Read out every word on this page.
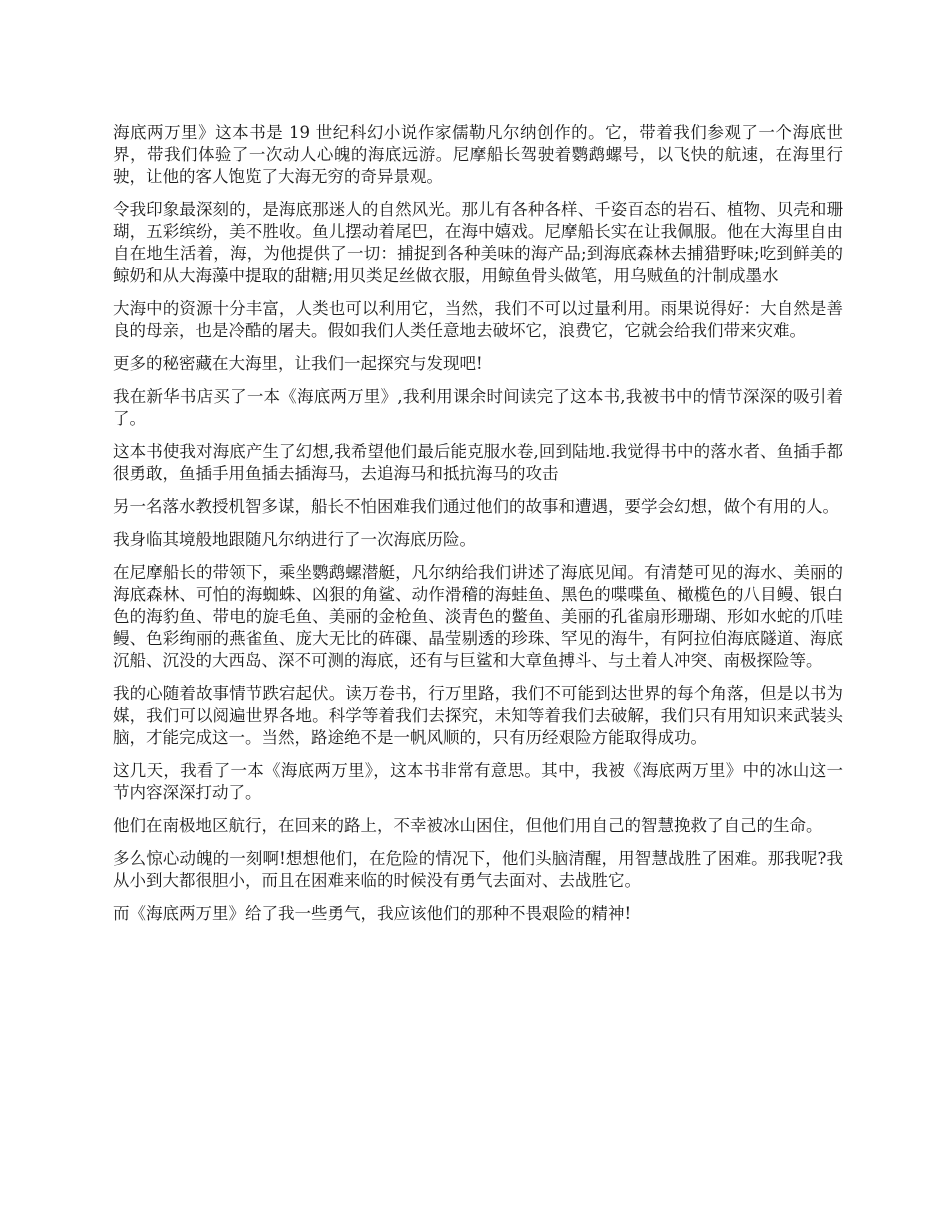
海底两万里》这本书是 19 世纪科幻小说作家儒勒凡尔纳创作的。它，带着我们参观了一个海底世界，带我们体验了一次动人心魄的海底远游。尼摩船长驾驶着鹦鹉螺号，以飞快的航速，在海里行驶，让他的客人饱览了大海无穷的奇异景观。

令我印象最深刻的，是海底那迷人的自然风光。那儿有各种各样、千姿百态的岩石、植物、贝壳和珊瑚，五彩缤纷，美不胜收。鱼儿摆动着尾巴，在海中嬉戏。尼摩船长实在让我佩服。他在大海里自由自在地生活着，海，为他提供了一切：捕捉到各种美味的海产品;到海底森林去捕猎野味;吃到鲜美的鲸奶和从大海藻中提取的甜糖;用贝类足丝做衣服，用鲸鱼骨头做笔，用乌贼鱼的汁制成墨水

大海中的资源十分丰富，人类也可以利用它，当然，我们不可以过量利用。雨果说得好：大自然是善良的母亲，也是冷酷的屠夫。假如我们人类任意地去破坏它，浪费它，它就会给我们带来灾难。

更多的秘密藏在大海里，让我们一起探究与发现吧!

我在新华书店买了一本《海底两万里》,我利用课余时间读完了这本书,我被书中的情节深深的吸引着了。

这本书使我对海底产生了幻想,我希望他们最后能克服水卷,回到陆地.我觉得书中的落水者、鱼插手都很勇敢，鱼插手用鱼插去插海马，去追海马和抵抗海马的攻击

另一名落水教授机智多谋，船长不怕困难我们通过他们的故事和遭遇，要学会幻想，做个有用的人。

我身临其境般地跟随凡尔纳进行了一次海底历险。

在尼摩船长的带领下，乘坐鹦鹉螺潜艇，凡尔纳给我们讲述了海底见闻。有清楚可见的海水、美丽的海底森林、可怕的海蜘蛛、凶狠的角鲨、动作滑稽的海蛙鱼、黑色的喋喋鱼、橄榄色的八目鳗、银白色的海豹鱼、带电的旋毛鱼、美丽的金枪鱼、淡青色的鳖鱼、美丽的孔雀扇形珊瑚、形如水蛇的爪哇鳗、色彩绚丽的燕雀鱼、庞大无比的砗磲、晶莹剔透的珍珠、罕见的海牛，有阿拉伯海底隧道、海底沉船、沉没的大西岛、深不可测的海底，还有与巨鲨和大章鱼搏斗、与土着人冲突、南极探险等。

我的心随着故事情节跌宕起伏。读万卷书，行万里路，我们不可能到达世界的每个角落，但是以书为媒，我们可以阅遍世界各地。科学等着我们去探究，未知等着我们去破解，我们只有用知识来武装头脑，才能完成这一。当然，路途绝不是一帆风顺的，只有历经艰险方能取得成功。

这几天，我看了一本《海底两万里》，这本书非常有意思。其中，我被《海底两万里》中的冰山这一节内容深深打动了。

他们在南极地区航行，在回来的路上，不幸被冰山困住，但他们用自己的智慧挽救了自己的生命。

多么惊心动魄的一刻啊!想想他们，在危险的情况下，他们头脑清醒，用智慧战胜了困难。那我呢?我从小到大都很胆小，而且在困难来临的时候没有勇气去面对、去战胜它。

而《海底两万里》给了我一些勇气，我应该他们的那种不畏艰险的精神!
